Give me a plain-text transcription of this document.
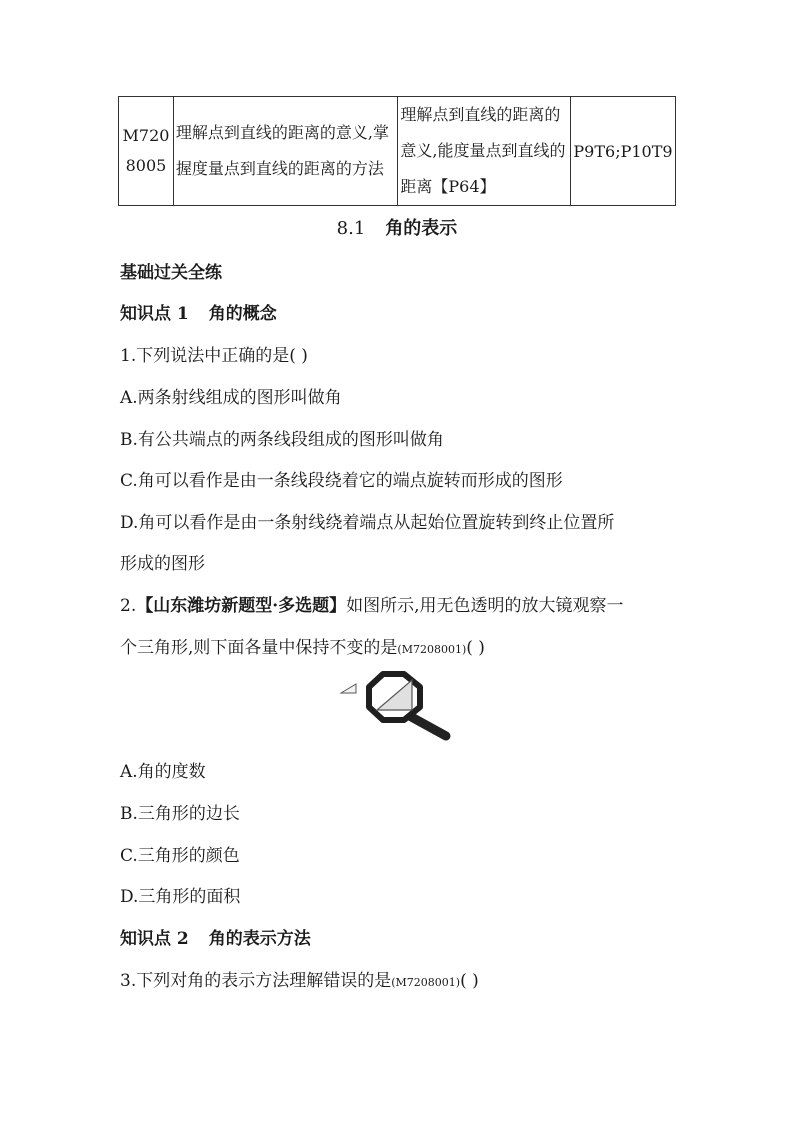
M720
8005
	理解点到直线的距离的意义,掌握度量点到直线的距离的方法	理解点到直线的距离的意义,能度量点到直线的距离【P64】	P9T6;P10T9
8.1 角的表示
基础过关全练
知识点 1 角的概念
1.下列说法中正确的是( )
A.两条射线组成的图形叫做角
B.有公共端点的两条线段组成的图形叫做角
C.角可以看作是由一条线段绕着它的端点旋转而形成的图形
D.角可以看作是由一条射线绕着端点从起始位置旋转到终止位置所
形成的图形
2.【山东潍坊新题型·多选题】如图所示,用无色透明的放大镜观察一
个三角形,则下面各量中保持不变的是(M7208001)( )
A.角的度数
B.三角形的边长
C.三角形的颜色
D.三角形的面积
知识点 2 角的表示方法
3.下列对角的表示方法理解错误的是(M7208001)( )
